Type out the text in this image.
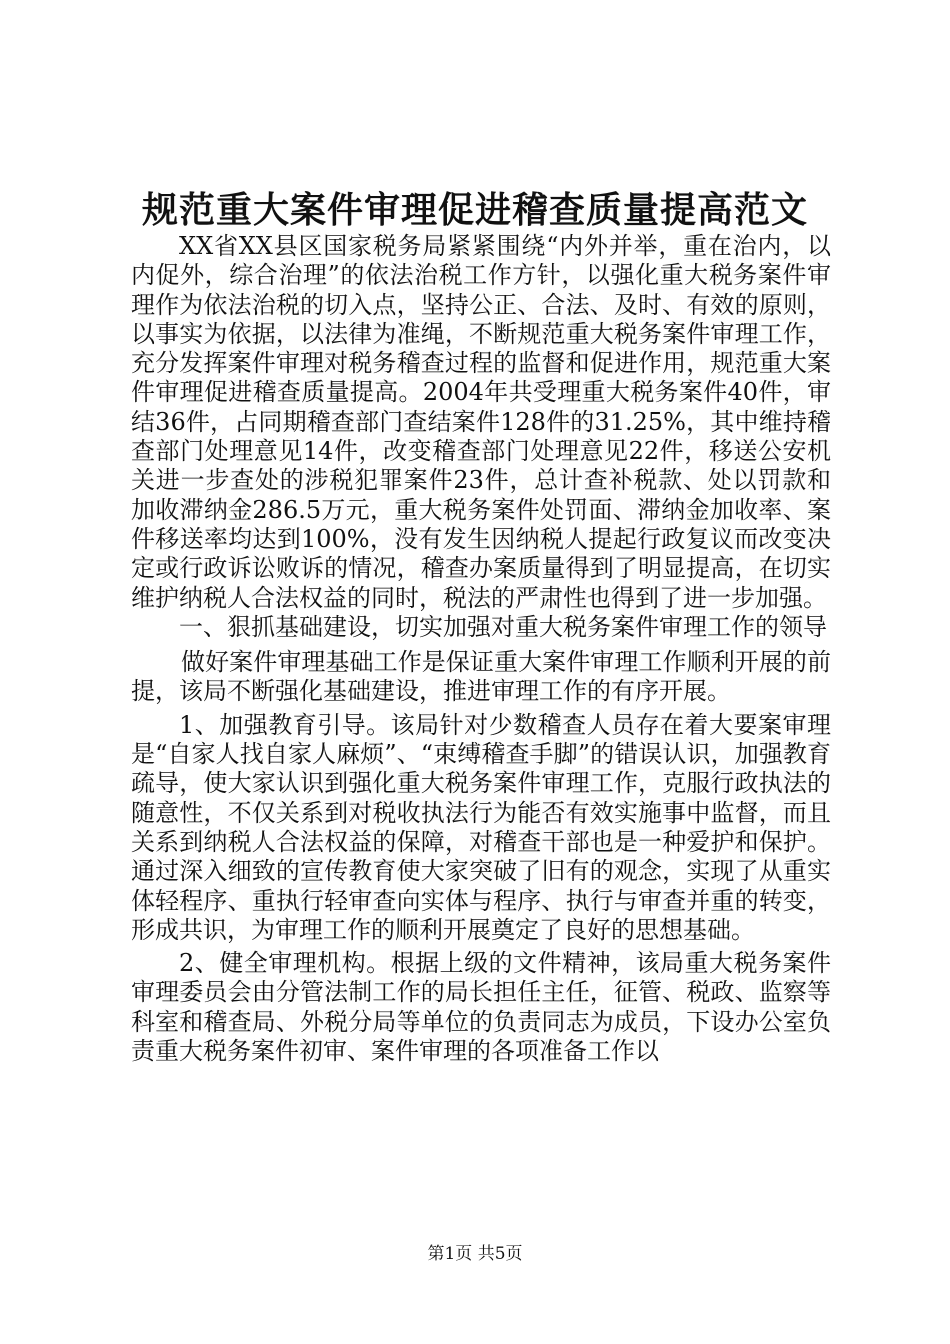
规范重大案件审理促进稽查质量提高范文

XX省XX县区国家税务局紧紧围绕“内外并举，重在治内，以内促外，综合治理”的依法治税工作方针，以强化重大税务案件审理作为依法治税的切入点，坚持公正、合法、及时、有效的原则，以事实为依据，以法律为准绳，不断规范重大税务案件审理工作，充分发挥案件审理对税务稽查过程的监督和促进作用，规范重大案件审理促进稽查质量提高。2004年共受理重大税务案件40件，审结36件，占同期稽查部门查结案件128件的31.25%，其中维持稽查部门处理意见14件，改变稽查部门处理意见22件，移送公安机关进一步查处的涉税犯罪案件23件，总计查补税款、处以罚款和加收滞纳金286.5万元，重大税务案件处罚面、滞纳金加收率、案件移送率均达到100%，没有发生因纳税人提起行政复议而改变决定或行政诉讼败诉的情况，稽查办案质量得到了明显提高，在切实维护纳税人合法权益的同时，税法的严肃性也得到了进一步加强。

一、狠抓基础建设，切实加强对重大税务案件审理工作的领导

做好案件审理基础工作是保证重大案件审理工作顺利开展的前提，该局不断强化基础建设，推进审理工作的有序开展。

1、加强教育引导。该局针对少数稽查人员存在着大要案审理是“自家人找自家人麻烦”、“束缚稽查手脚”的错误认识，加强教育疏导，使大家认识到强化重大税务案件审理工作，克服行政执法的随意性，不仅关系到对税收执法行为能否有效实施事中监督，而且关系到纳税人合法权益的保障，对稽查干部也是一种爱护和保护。通过深入细致的宣传教育使大家突破了旧有的观念，实现了从重实体轻程序、重执行轻审查向实体与程序、执行与审查并重的转变，形成共识，为审理工作的顺利开展奠定了良好的思想基础。

2、健全审理机构。根据上级的文件精神，该局重大税务案件审理委员会由分管法制工作的局长担任主任，征管、税政、监察等科室和稽查局、外税分局等单位的负责同志为成员，下设办公室负责重大税务案件初审、案件审理的各项准备工作以

第1页 共5页
